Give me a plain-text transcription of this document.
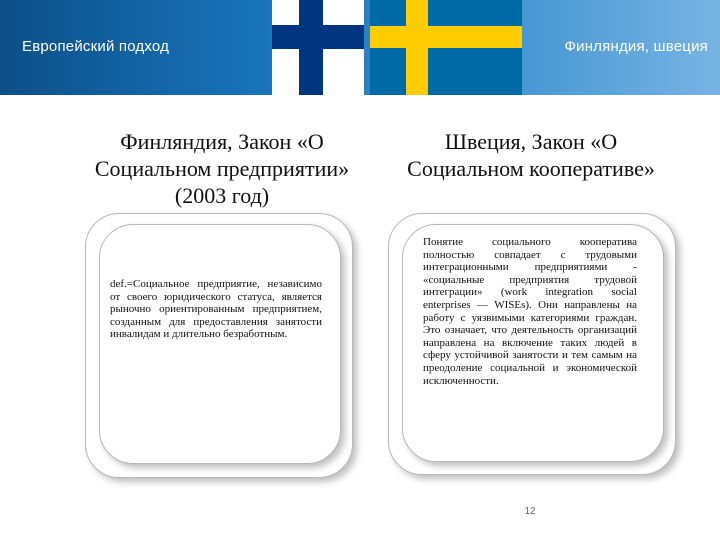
Европейский подход	Финляндия, швеция
Финляндия, Закон «О Социальном предприятии» (2003 год)
Швеция, Закон «О Социальном кооперативе»
def.=Социальное предприятие, независимо от своего юридического статуса, является рыночно ориентированным предприятием, созданным для предоставления занятости инвалидам и длительно безработным.
Понятие социального кооператива полностью совпадает с трудовыми интеграционными предприятиями - «социальные предприятия трудовой интеграции» (work integration social enterprises — WISEs). Они направлены на работу с уязвимыми категориями граждан. Это означает, что деятельность организаций направлена на включение таких людей в сферу устойчивой занятости и тем самым на преодоление социальной и экономической исключенности.
12
